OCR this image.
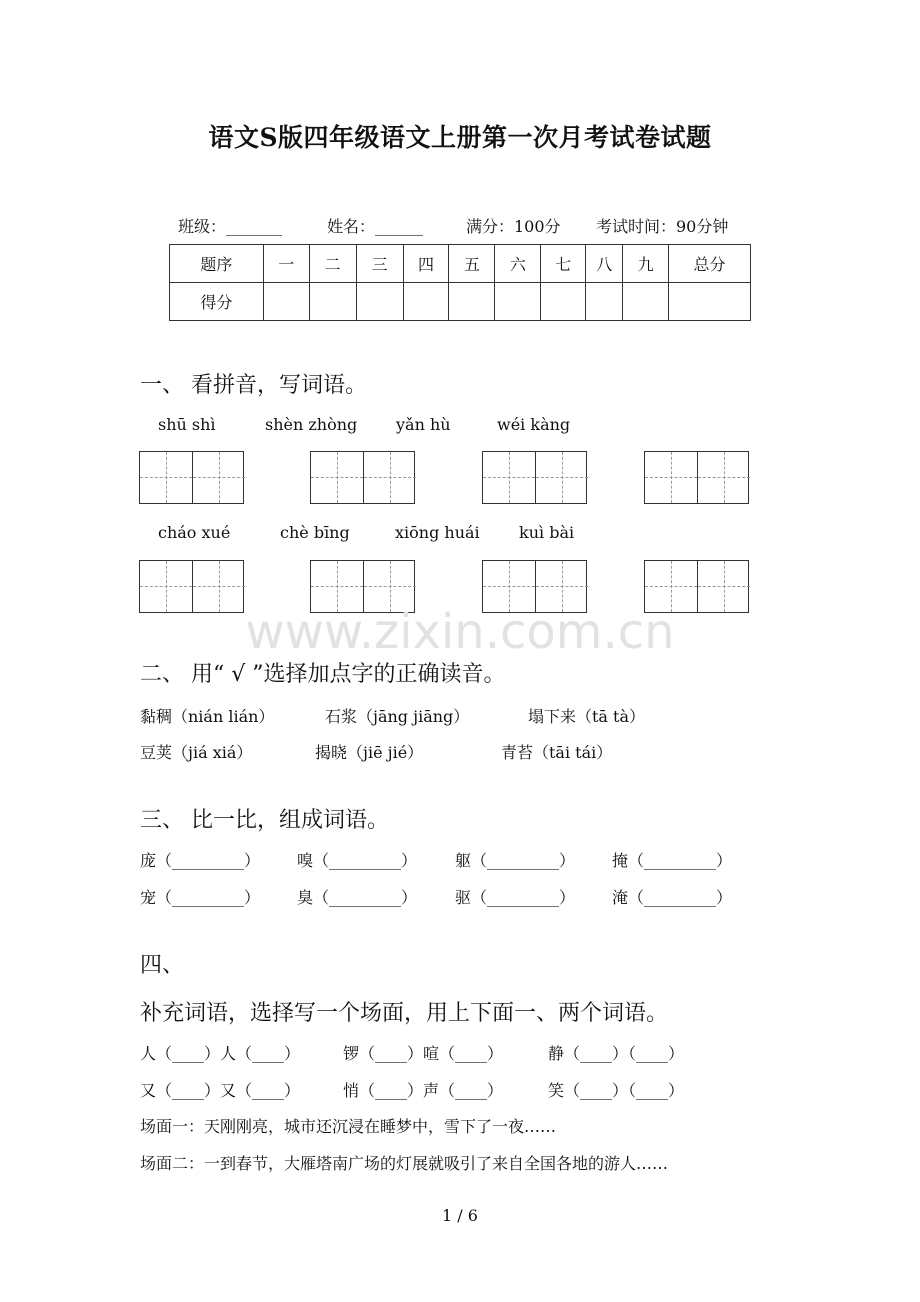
语文S版四年级语文上册第一次月考试卷试题
班级：_______	姓名：______	满分：100分 考试时间：90分钟
题序	一	二	三	四	五	六	七	八	九	总分
得分										
一、 看拼音，写词语。
shū shì	shèn zhòng yǎn hù	wéi kàng
cháo xué	chè bīng	xiōng huái kuì bài
www.zixin.com.cn
二、 用“ √ ”选择加点字的正确读音。
黏稠（nián lián）	石浆（jāng jiāng）	塌下来（tā tà）
豆荚（jiá xiá）	揭晓（jiē jié）	青苔（tāi tái）
三、 比一比，组成词语。
庞（_________） 嗅（_________） 躯（_________） 掩（_________）
宠（_________） 臭（_________） 驱（_________） 淹（_________）
四、
补充词语，选择写一个场面，用上下面一、两个词语。
人（____）人（____）	锣（____）喧（____）	静（____）（____）
又（____）又（____）	悄（____）声（____）	笑（____）（____）
场面一：天刚刚亮，城市还沉浸在睡梦中，雪下了一夜……
场面二：一到春节，大雁塔南广场的灯展就吸引了来自全国各地的游人……
1 / 6
